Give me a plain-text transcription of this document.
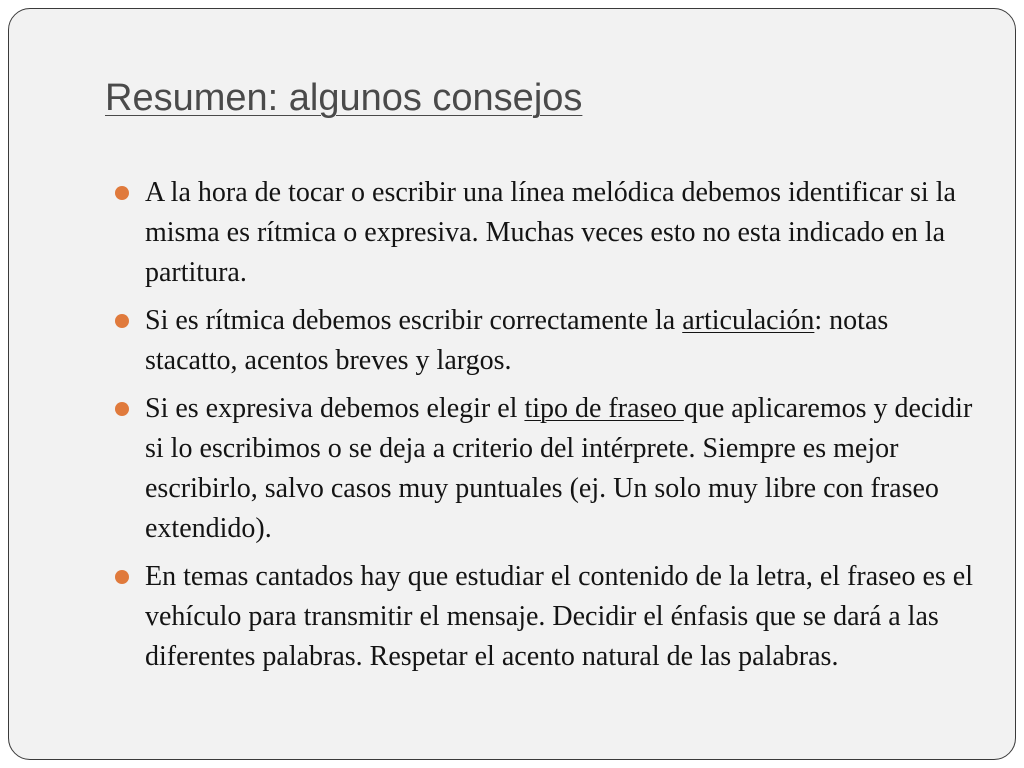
Resumen: algunos consejos
A la hora de tocar o escribir una línea melódica debemos identificar si la misma es rítmica o expresiva. Muchas veces esto no esta indicado en la partitura.
Si es rítmica debemos escribir correctamente la articulación: notas stacatto, acentos breves y largos.
Si es expresiva debemos elegir el tipo de fraseo que aplicaremos y decidir si lo escribimos o se deja a criterio del intérprete. Siempre es mejor escribirlo, salvo casos muy puntuales (ej. Un solo muy libre con fraseo extendido).
En temas cantados hay que estudiar el contenido de la letra, el fraseo es el vehículo para transmitir el mensaje. Decidir el énfasis que se dará a las diferentes palabras. Respetar el acento natural de las palabras.
